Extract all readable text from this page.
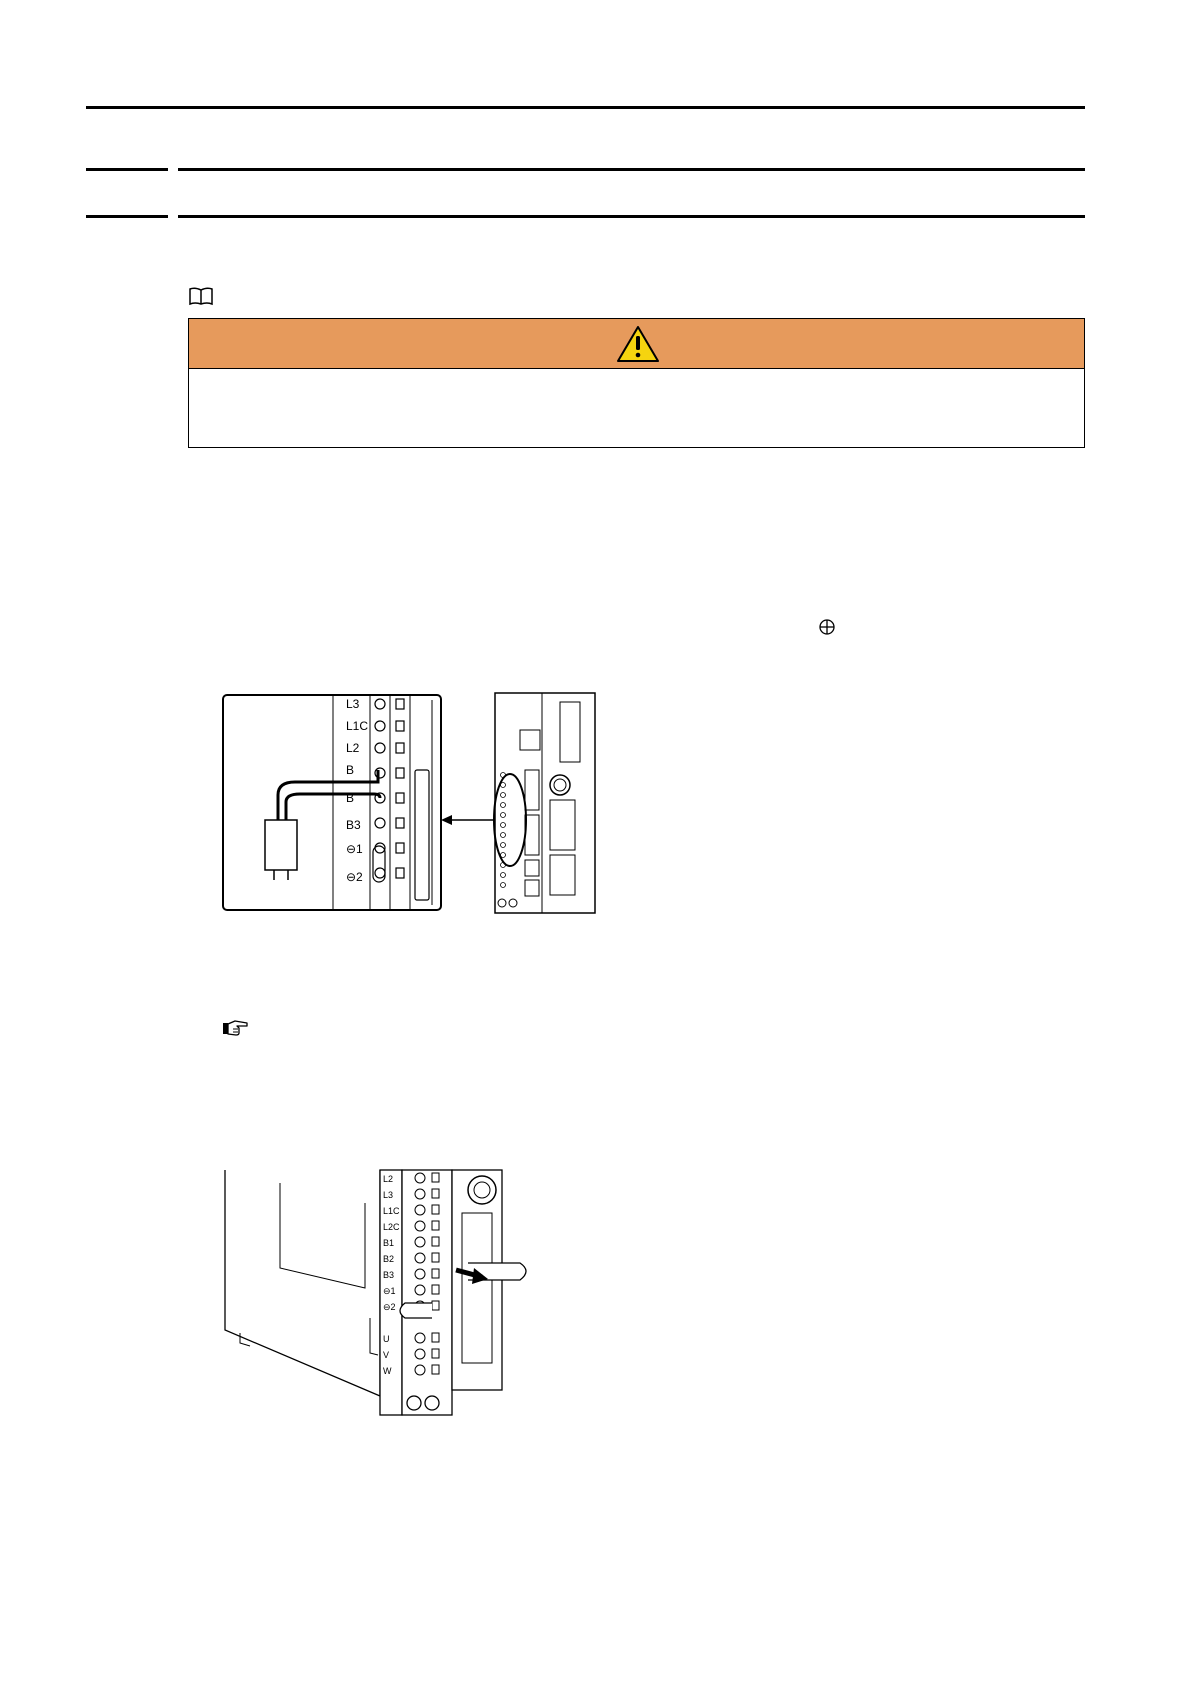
L3
L1C
L2
B
B
B3
⊖1
⊖2
L2
L3
L1C
L2C
B1
B2
B3
⊖1
⊖2
U
V
W
